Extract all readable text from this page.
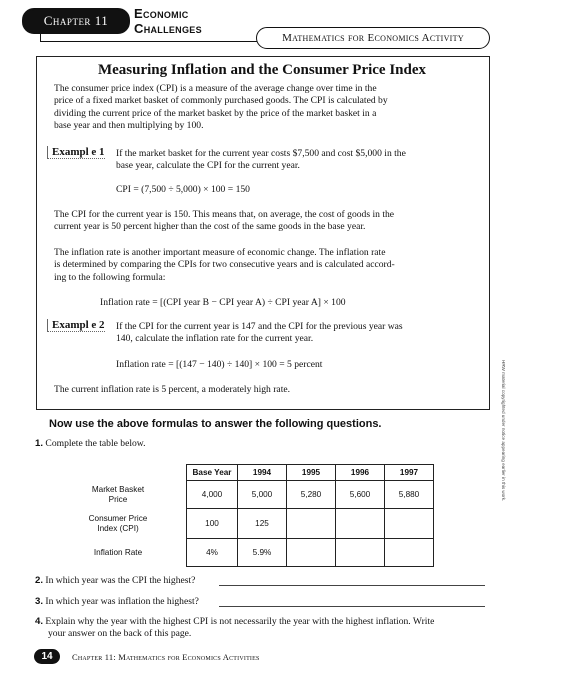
Chapter 11	Economic
Challenges
Mathematics for Economics Activity
Measuring Inflation and the Consumer Price Index
The consumer price index (CPI) is a measure of the average change over time in the
price of a fixed market basket of commonly purchased goods. The CPI is calculated by
dividing the current price of the market basket by the price of the market basket in a
base year and then multiplying by 100.
Exampl e 1 If the market basket for the current year costs $7,500 and cost $5,000 in the
base year, calculate the CPI for the current year.
CPI = (7,500 ÷ 5,000) × 100 = 150
The CPI for the current year is 150. This means that, on average, the cost of goods in the
current year is 50 percent higher than the cost of the same goods in the base year.
The inflation rate is another important measure of economic change. The inflation rate
is determined by comparing the CPIs for two consecutive years and is calculated accord-
ing to the following formula:
Inflation rate = [(CPI year B − CPI year A) ÷ CPI year A] × 100
Exampl e 2 If the CPI for the current year is 147 and the CPI for the previous year was
140, calculate the inflation rate for the current year.
Inflation rate = [(147 − 140) ÷ 140] × 100 = 5 percent
The current inflation rate is 5 percent, a moderately high rate.
Now use the above formulas to answer the following questions.
1. Complete the table below.
	Base Year	1994	1995	1996	1997

Market Basket
Price	4,000	5,000	5,280	5,600	5,880

Consumer Price
Index (CPI)	100	125			

Inflation Rate	4%	5.9%			
2. In which year was the CPI the highest?
3. In which year was inflation the highest?
4. Explain why the year with the highest CPI is not necessarily the year with the highest inflation. Write
your answer on the back of this page.
14	Chapter 11: Mathematics for Economics Activities
HRW material copyrighted under notice appearing earlier in this work.
